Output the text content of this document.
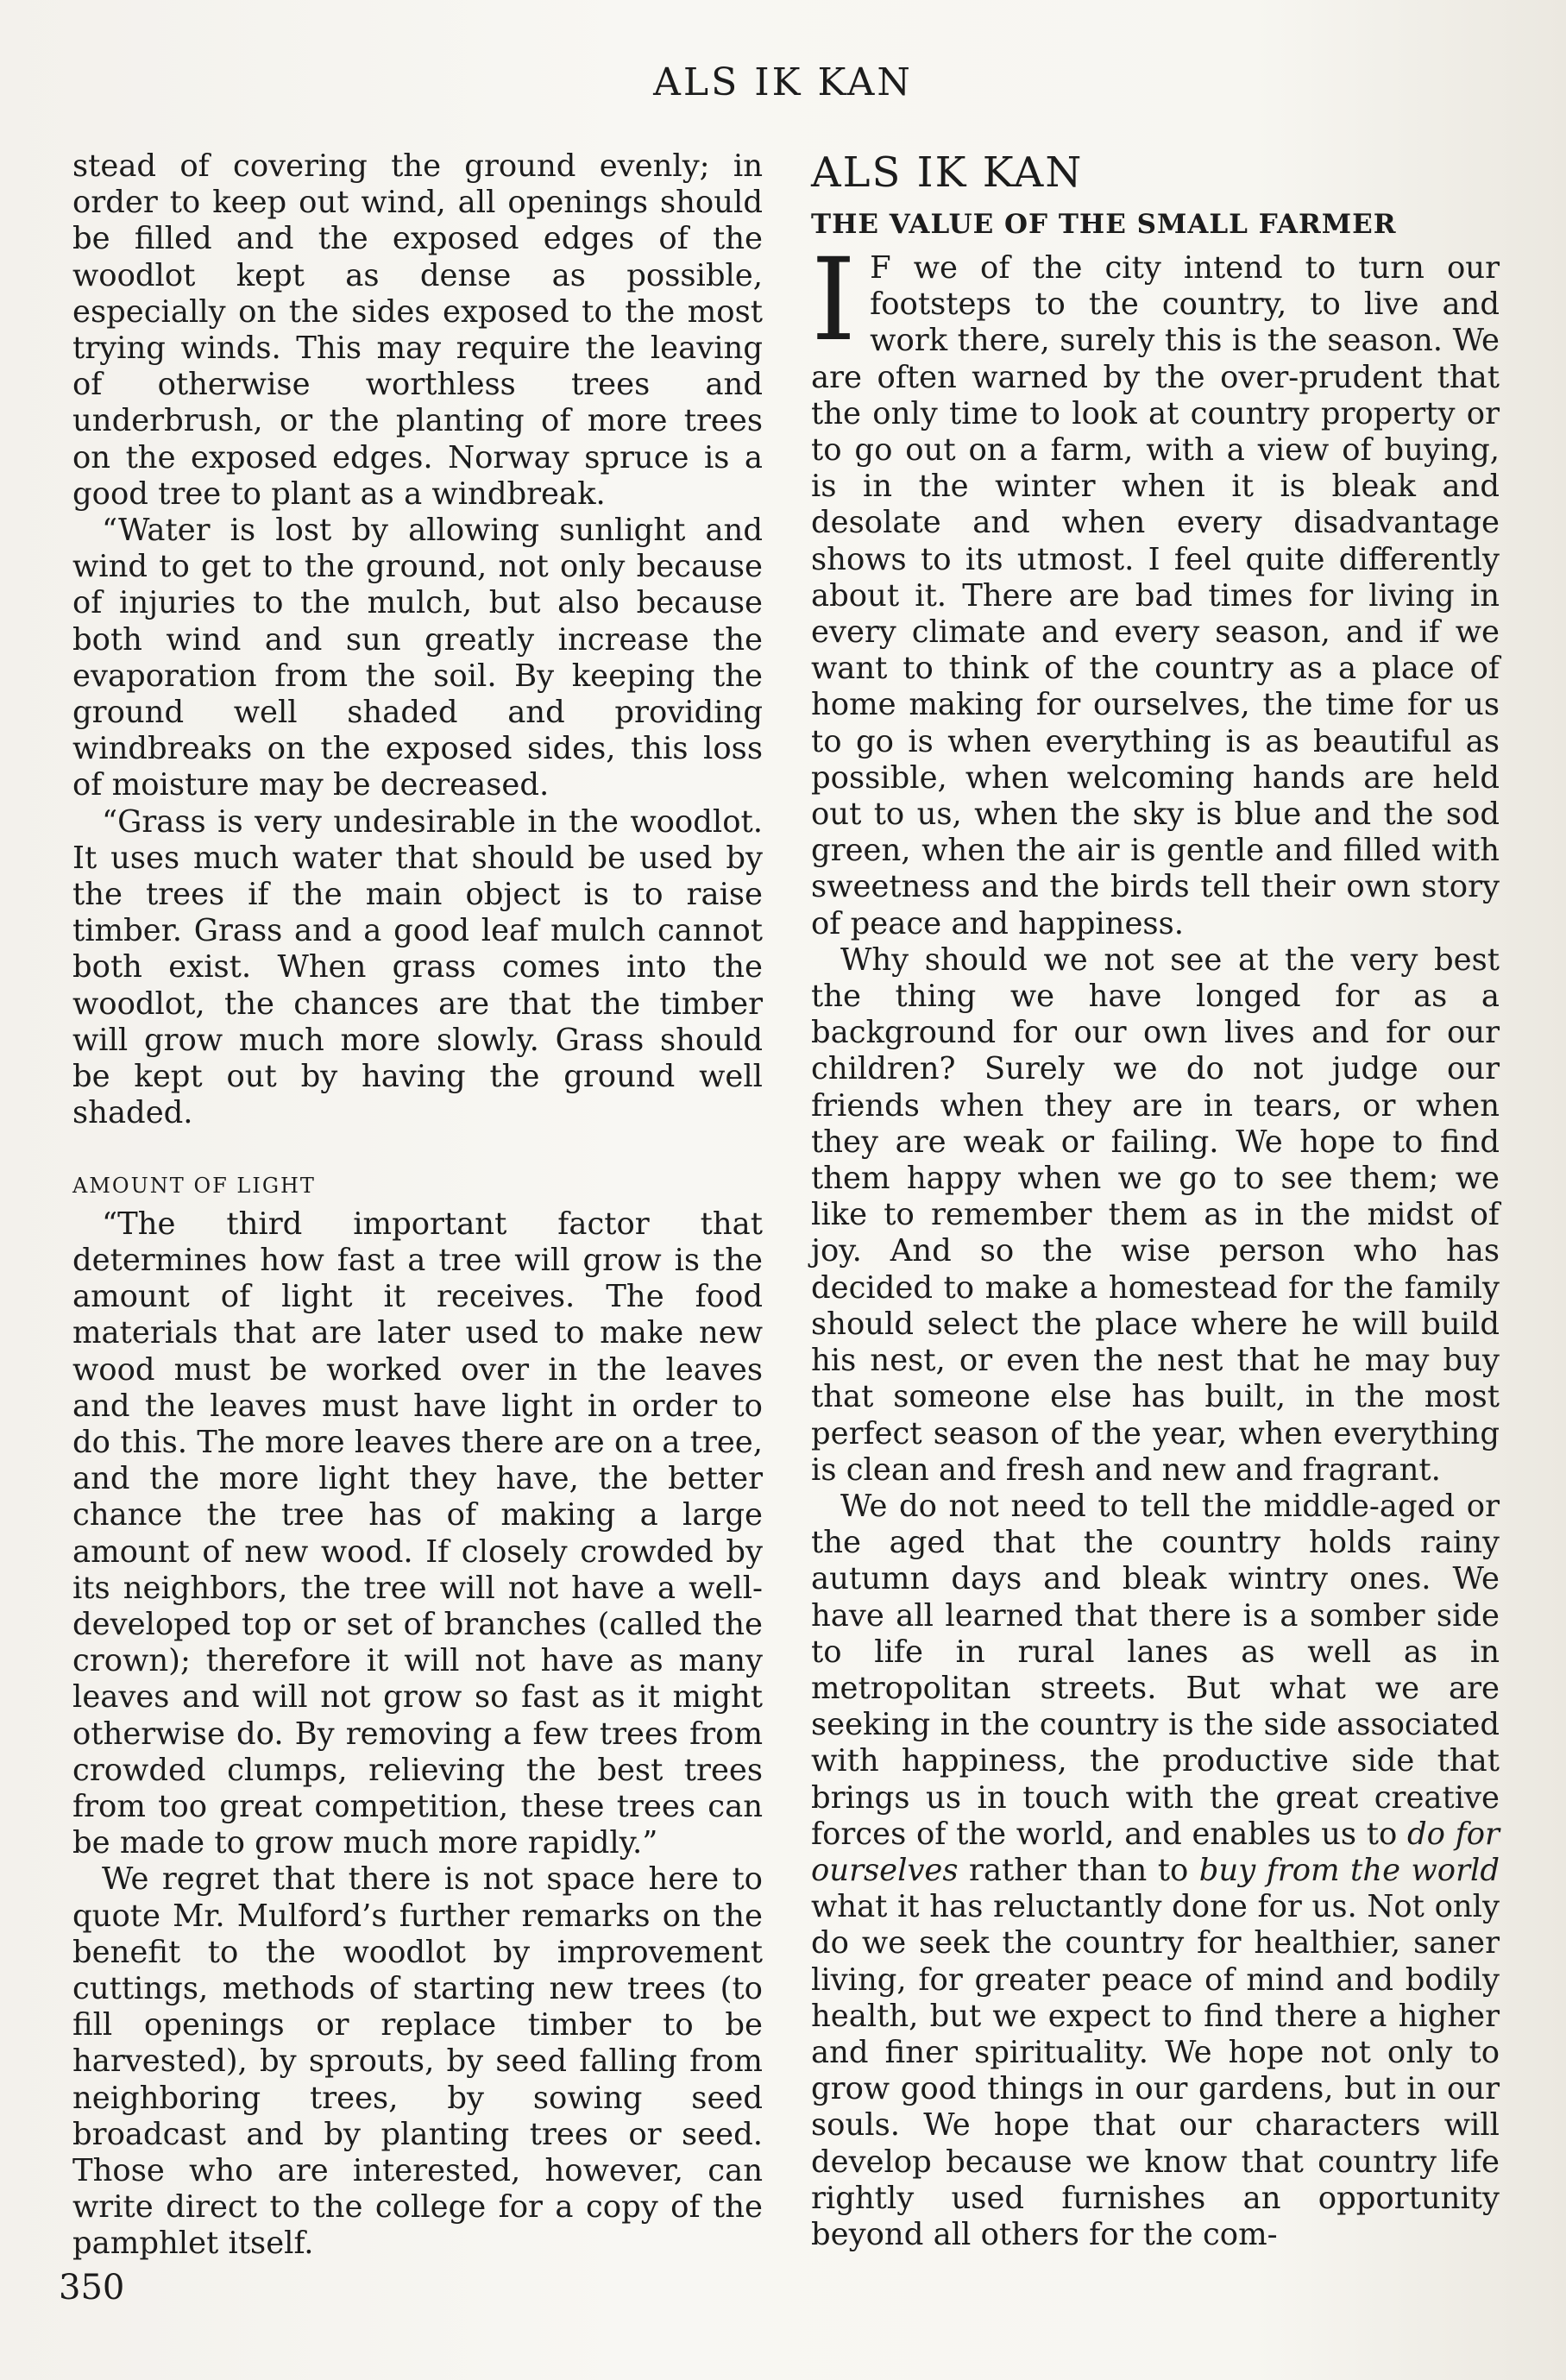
ALS IK KAN

stead of covering the ground evenly; in order to keep out wind, all openings should be filled and the exposed edges of the woodlot kept as dense as possible, especially on the sides exposed to the most trying winds. This may require the leaving of otherwise worthless trees and underbrush, or the planting of more trees on the exposed edges. Norway spruce is a good tree to plant as a windbreak.

“Water is lost by allowing sunlight and wind to get to the ground, not only because of injuries to the mulch, but also because both wind and sun greatly increase the evaporation from the soil. By keeping the ground well shaded and providing windbreaks on the exposed sides, this loss of moisture may be decreased.

“Grass is very undesirable in the woodlot. It uses much water that should be used by the trees if the main object is to raise timber. Grass and a good leaf mulch cannot both exist. When grass comes into the woodlot, the chances are that the timber will grow much more slowly. Grass should be kept out by having the ground well shaded.

AMOUNT OF LIGHT

“The third important factor that determines how fast a tree will grow is the amount of light it receives. The food materials that are later used to make new wood must be worked over in the leaves and the leaves must have light in order to do this. The more leaves there are on a tree, and the more light they have, the better chance the tree has of making a large amount of new wood. If closely crowded by its neighbors, the tree will not have a well-developed top or set of branches (called the crown); therefore it will not have as many leaves and will not grow so fast as it might otherwise do. By removing a few trees from crowded clumps, relieving the best trees from too great competition, these trees can be made to grow much more rapidly.”

We regret that there is not space here to quote Mr. Mulford’s further remarks on the benefit to the woodlot by improvement cuttings, methods of starting new trees (to fill openings or replace timber to be harvested), by sprouts, by seed falling from neighboring trees, by sowing seed broadcast and by planting trees or seed. Those who are interested, however, can write direct to the college for a copy of the pamphlet itself.

ALS IK KAN
THE VALUE OF THE SMALL FARMER

I F we of the city intend to turn our footsteps to the country, to live and work there, surely this is the season. We are often warned by the over-prudent that the only time to look at country property or to go out on a farm, with a view of buying, is in the winter when it is bleak and desolate and when every disadvantage shows to its utmost. I feel quite differently about it. There are bad times for living in every climate and every season, and if we want to think of the country as a place of home making for ourselves, the time for us to go is when everything is as beautiful as possible, when welcoming hands are held out to us, when the sky is blue and the sod green, when the air is gentle and filled with sweetness and the birds tell their own story of peace and happiness.

Why should we not see at the very best the thing we have longed for as a background for our own lives and for our children? Surely we do not judge our friends when they are in tears, or when they are weak or failing. We hope to find them happy when we go to see them; we like to remember them as in the midst of joy. And so the wise person who has decided to make a homestead for the family should select the place where he will build his nest, or even the nest that he may buy that someone else has built, in the most perfect season of the year, when everything is clean and fresh and new and fragrant.

We do not need to tell the middle-aged or the aged that the country holds rainy autumn days and bleak wintry ones. We have all learned that there is a somber side to life in rural lanes as well as in metropolitan streets. But what we are seeking in the country is the side associated with happiness, the productive side that brings us in touch with the great creative forces of the world, and enables us to do for ourselves rather than to buy from the world what it has reluctantly done for us. Not only do we seek the country for healthier, saner living, for greater peace of mind and bodily health, but we expect to find there a higher and finer spirituality. We hope not only to grow good things in our gardens, but in our souls. We hope that our characters will develop because we know that country life rightly used furnishes an opportunity beyond all others for the com-

350
